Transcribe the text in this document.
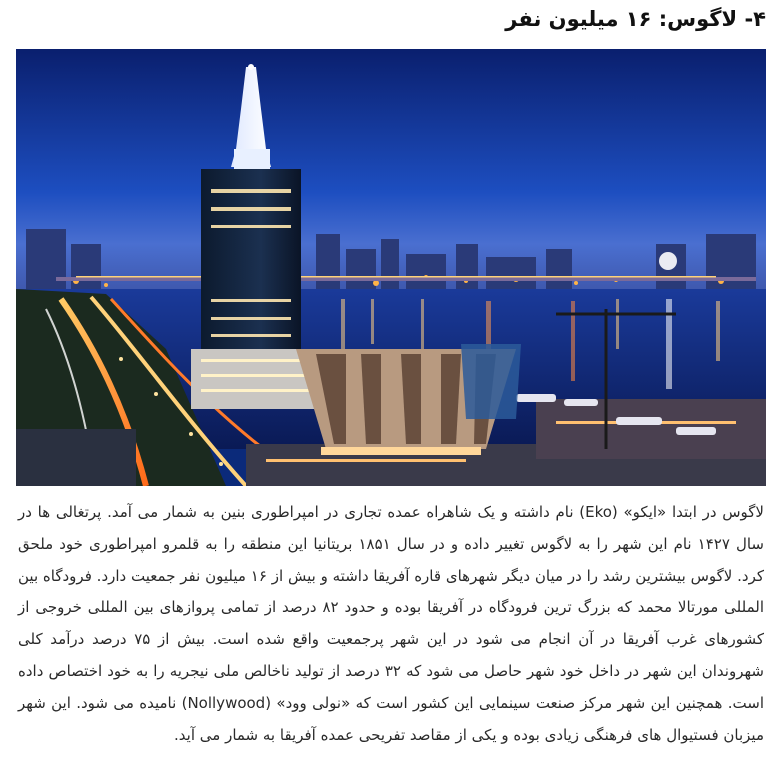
۴- لاگوس: ۱۶ میلیون نفر
لاگوس در ابتدا «ایکو» (Eko) نام داشته و یک شاهراه عمده تجاری در امپراطوری بنین به شمار می آمد. پرتغالی ها در سال ۱۴۲۷ نام این شهر را به لاگوس تغییر داده و در سال ۱۸۵۱ بریتانیا این منطقه را به قلمرو امپراطوری خود ملحق کرد. لاگوس بیشترین رشد را در میان دیگر شهرهای قاره آفریقا داشته و بیش از ۱۶ میلیون نفر جمعیت دارد. فرودگاه بین المللی مورتالا محمد که بزرگ ترین فرودگاه در آفریقا بوده و حدود ۸۲ درصد از تمامی پروازهای بین المللی خروجی از کشورهای غرب آفریقا در آن انجام می شود در این شهر پرجمعیت واقع شده است. بیش از ۷۵ درصد درآمد کلی شهروندان این شهر در داخل خود شهر حاصل می شود که ۳۲ درصد از تولید ناخالص ملی نیجریه را به خود اختصاص داده است. همچنین این شهر مرکز صنعت سینمایی این کشور است که «نولی وود» (Nollywood) نامیده می شود. این شهر میزبان فستیوال های فرهنگی زیادی بوده و یکی از مقاصد تفریحی عمده آفریقا به شمار می آید.
